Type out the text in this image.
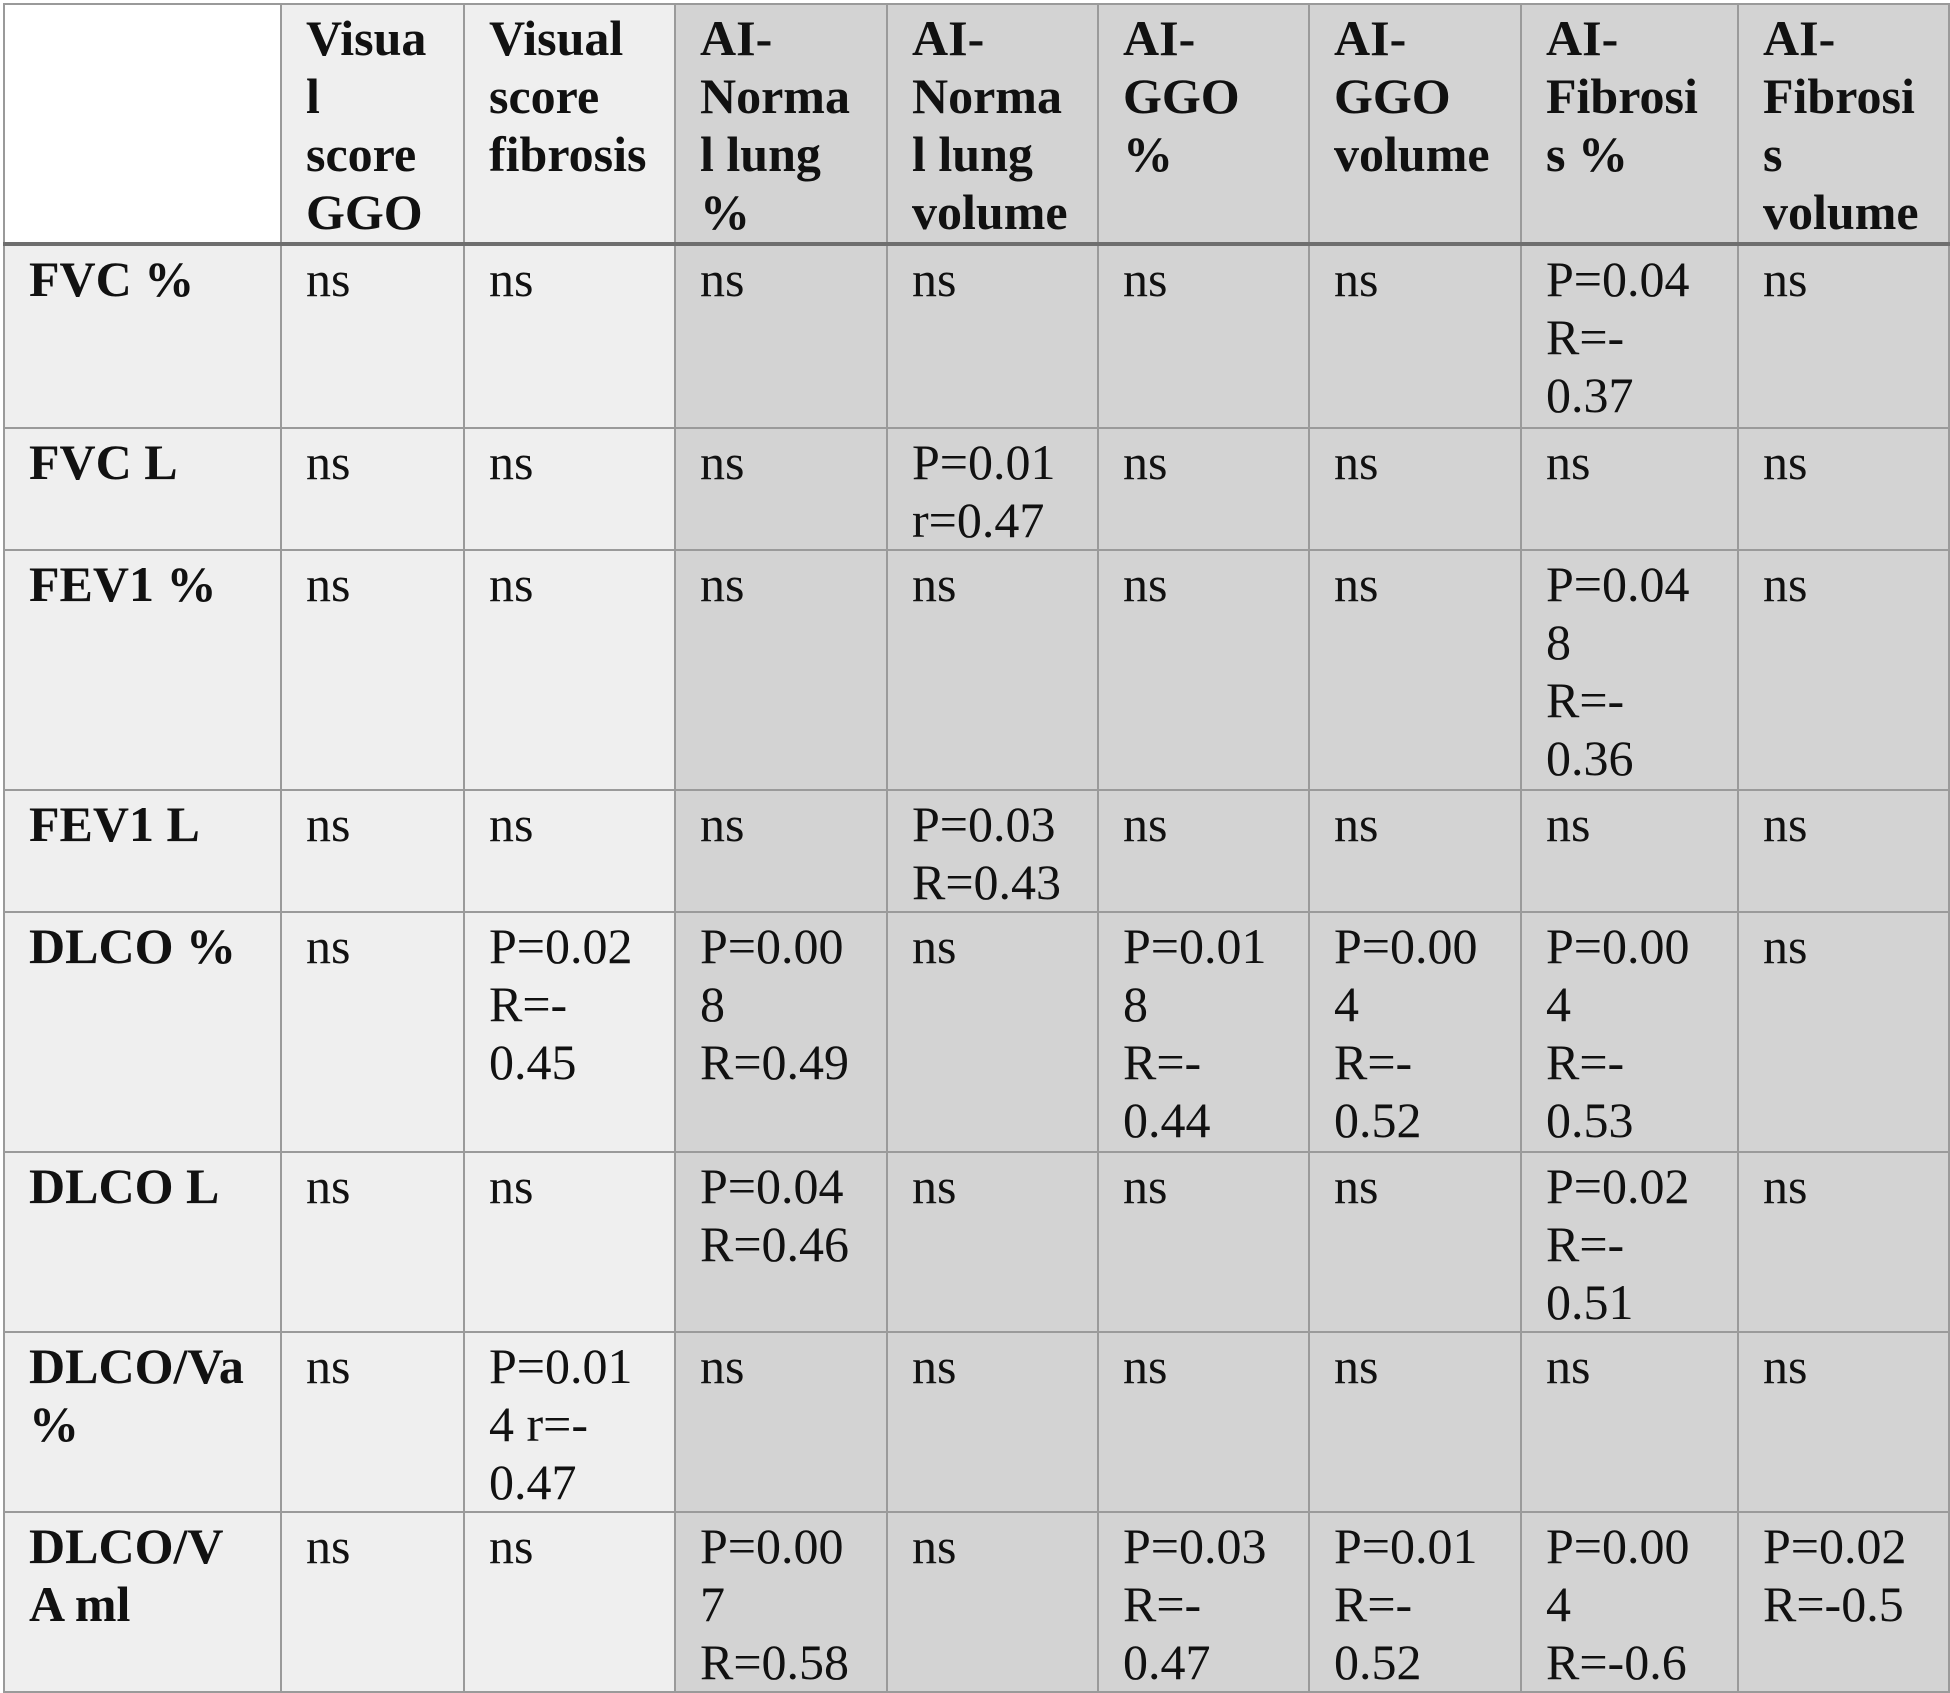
	Visua
l
score
GGO	Visual
score
fibrosis	AI-
Norma
l lung
%	AI-
Norma
l lung
volume	AI-
GGO
%	AI-
GGO
volume	AI-
Fibrosi
s %	AI-
Fibrosi
s
volume
FVC %	ns	ns	ns	ns	ns	ns	P=0.04
R=-
0.37	ns
FVC L	ns	ns	ns	P=0.01
r=0.47	ns	ns	ns	ns
FEV1 %	ns	ns	ns	ns	ns	ns	P=0.04
8
R=-
0.36	ns
FEV1 L	ns	ns	ns	P=0.03
R=0.43	ns	ns	ns	ns
DLCO %	ns	P=0.02
R=-
0.45	P=0.00
8
R=0.49	ns	P=0.01
8
R=-
0.44	P=0.00
4
R=-
0.52	P=0.00
4
R=-
0.53	ns
DLCO L	ns	ns	P=0.04
R=0.46	ns	ns	ns	P=0.02
R=-
0.51	ns
DLCO/Va
%	ns	P=0.01
4 r=-
0.47	ns	ns	ns	ns	ns	ns
DLCO/V
A ml	ns	ns	P=0.00
7
R=0.58	ns	P=0.03
R=-
0.47	P=0.01
R=-
0.52	P=0.00
4
R=-0.6	P=0.02
R=-0.5
